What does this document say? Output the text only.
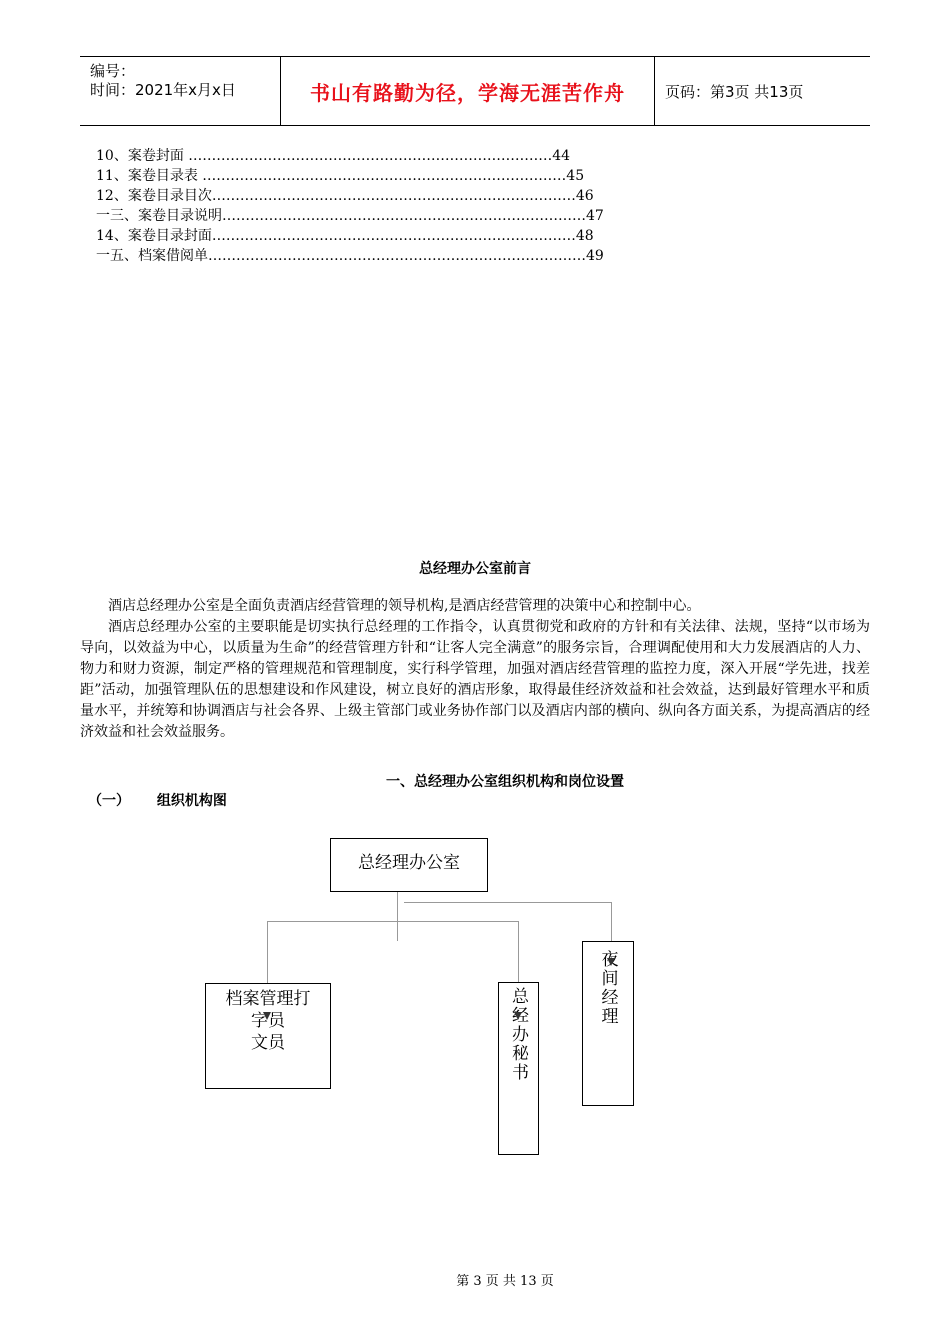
编号：
时间：2021年x月x日	书山有路勤为径，学海无涯苦作舟	页码：第3页 共13页
10、案卷封面 ……………………………………………………………………44
11、案卷目录表 ……………………………………………………………………45
12、案卷目录目次……………………………………………………………………46
一三、案卷目录说明……………………………………………………………………47
14、案卷目录封面……………………………………………………………………48
一五、档案借阅单………………………………………………………………………49
总经理办公室前言

酒店总经理办公室是全面负责酒店经营管理的领导机构,是酒店经营管理的决策中心和控制中心。

酒店总经理办公室的主要职能是切实执行总经理的工作指令，认真贯彻党和政府的方针和有关法律、法规，坚持“以市场为导向，以效益为中心，以质量为生命”的经营管理方针和“让客人完全满意”的服务宗旨，合理调配使用和大力发展酒店的人力、物力和财力资源，制定严格的管理规范和管理制度，实行科学管理，加强对酒店经营管理的监控力度，深入开展“学先进，找差距”活动，加强管理队伍的思想建设和作风建设，树立良好的酒店形象，取得最佳经济效益和社会效益，达到最好管理水平和质量水平，并统筹和协调酒店与社会各界、上级主管部门或业务协作部门以及酒店内部的横向、纵向各方面关系，为提高酒店的经济效益和社会效益服务。

一、总经理办公室组织机构和岗位设置
（一） 组织机构图
总经理办公室
档案管理打
字员
文员	总经办秘书	夜间经理
第 3 页 共 13 页
